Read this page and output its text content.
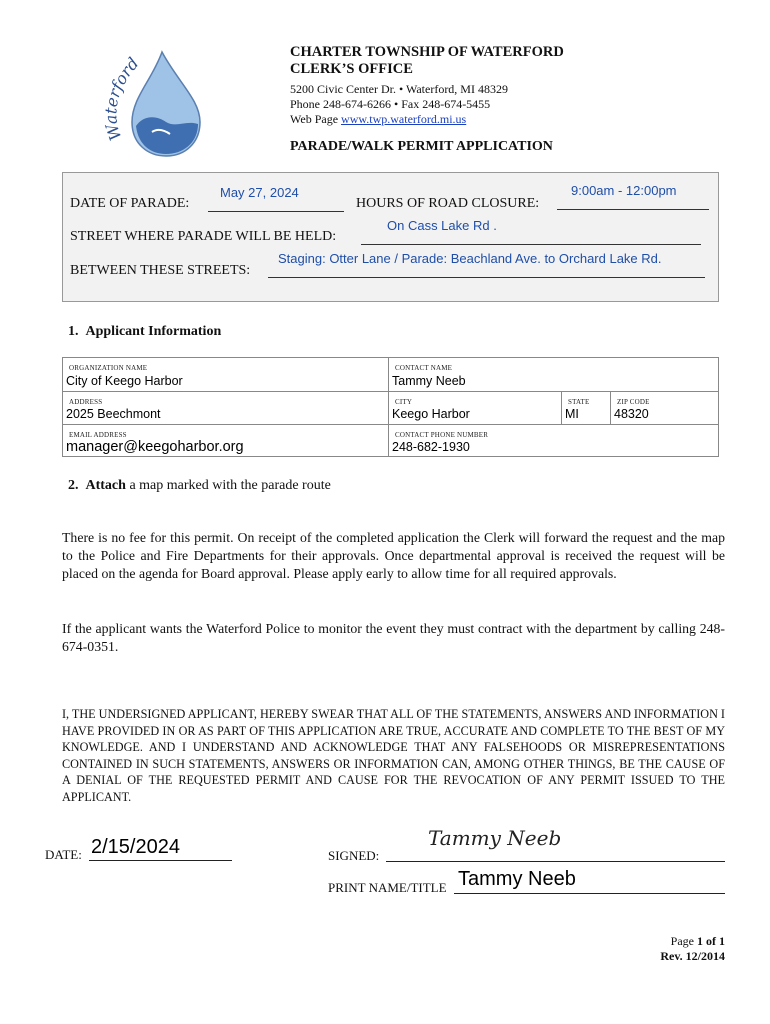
Waterford
CHARTER TOWNSHIP OF WATERFORD
CLERK’S OFFICE
5200 Civic Center Dr. • Waterford, MI 48329
Phone 248-674-6266 • Fax 248-674-5455
Web Page www.twp.waterford.mi.us
PARADE/WALK PERMIT APPLICATION
DATE OF PARADE:
May 27, 2024
HOURS OF ROAD CLOSURE:
9:00am - 12:00pm
STREET WHERE PARADE WILL BE HELD:
On Cass Lake Rd .
BETWEEN THESE STREETS:
Staging: Otter Lane / Parade: Beachland Ave. to Orchard Lake Rd.
1. Applicant Information
ORGANIZATION NAME
City of Keego Harbor
CONTACT NAME
Tammy Neeb
ADDRESS
2025 Beechmont
CITY
Keego Harbor
STATE
MI
ZIP CODE
48320
EMAIL ADDRESS
manager@keegoharbor.org
CONTACT PHONE NUMBER
248-682-1930
2. Attach a map marked with the parade route
There is no fee for this permit. On receipt of the completed application the Clerk will forward the request and the map to the Police and Fire Departments for their approvals. Once departmental approval is received the request will be placed on the agenda for Board approval. Please apply early to allow time for all required approvals.
If the applicant wants the Waterford Police to monitor the event they must contract with the department by calling 248-674-0351.
I, THE UNDERSIGNED APPLICANT, HEREBY SWEAR THAT ALL OF THE STATEMENTS, ANSWERS AND INFORMATION I HAVE PROVIDED IN OR AS PART OF THIS APPLICATION ARE TRUE, ACCURATE AND COMPLETE TO THE BEST OF MY KNOWLEDGE. AND I UNDERSTAND AND ACKNOWLEDGE THAT ANY FALSEHOODS OR MISREPRESENTATIONS CONTAINED IN SUCH STATEMENTS, ANSWERS OR INFORMATION CAN, AMONG OTHER THINGS, BE THE CAUSE OF A DENIAL OF THE REQUESTED PERMIT AND CAUSE FOR THE REVOCATION OF ANY PERMIT ISSUED TO THE APPLICANT.
DATE: 2/15/2024	SIGNED:
Tammy Neeb
PRINT NAME/TITLE Tammy Neeb
Page 1 of 1
Rev. 12/2014
